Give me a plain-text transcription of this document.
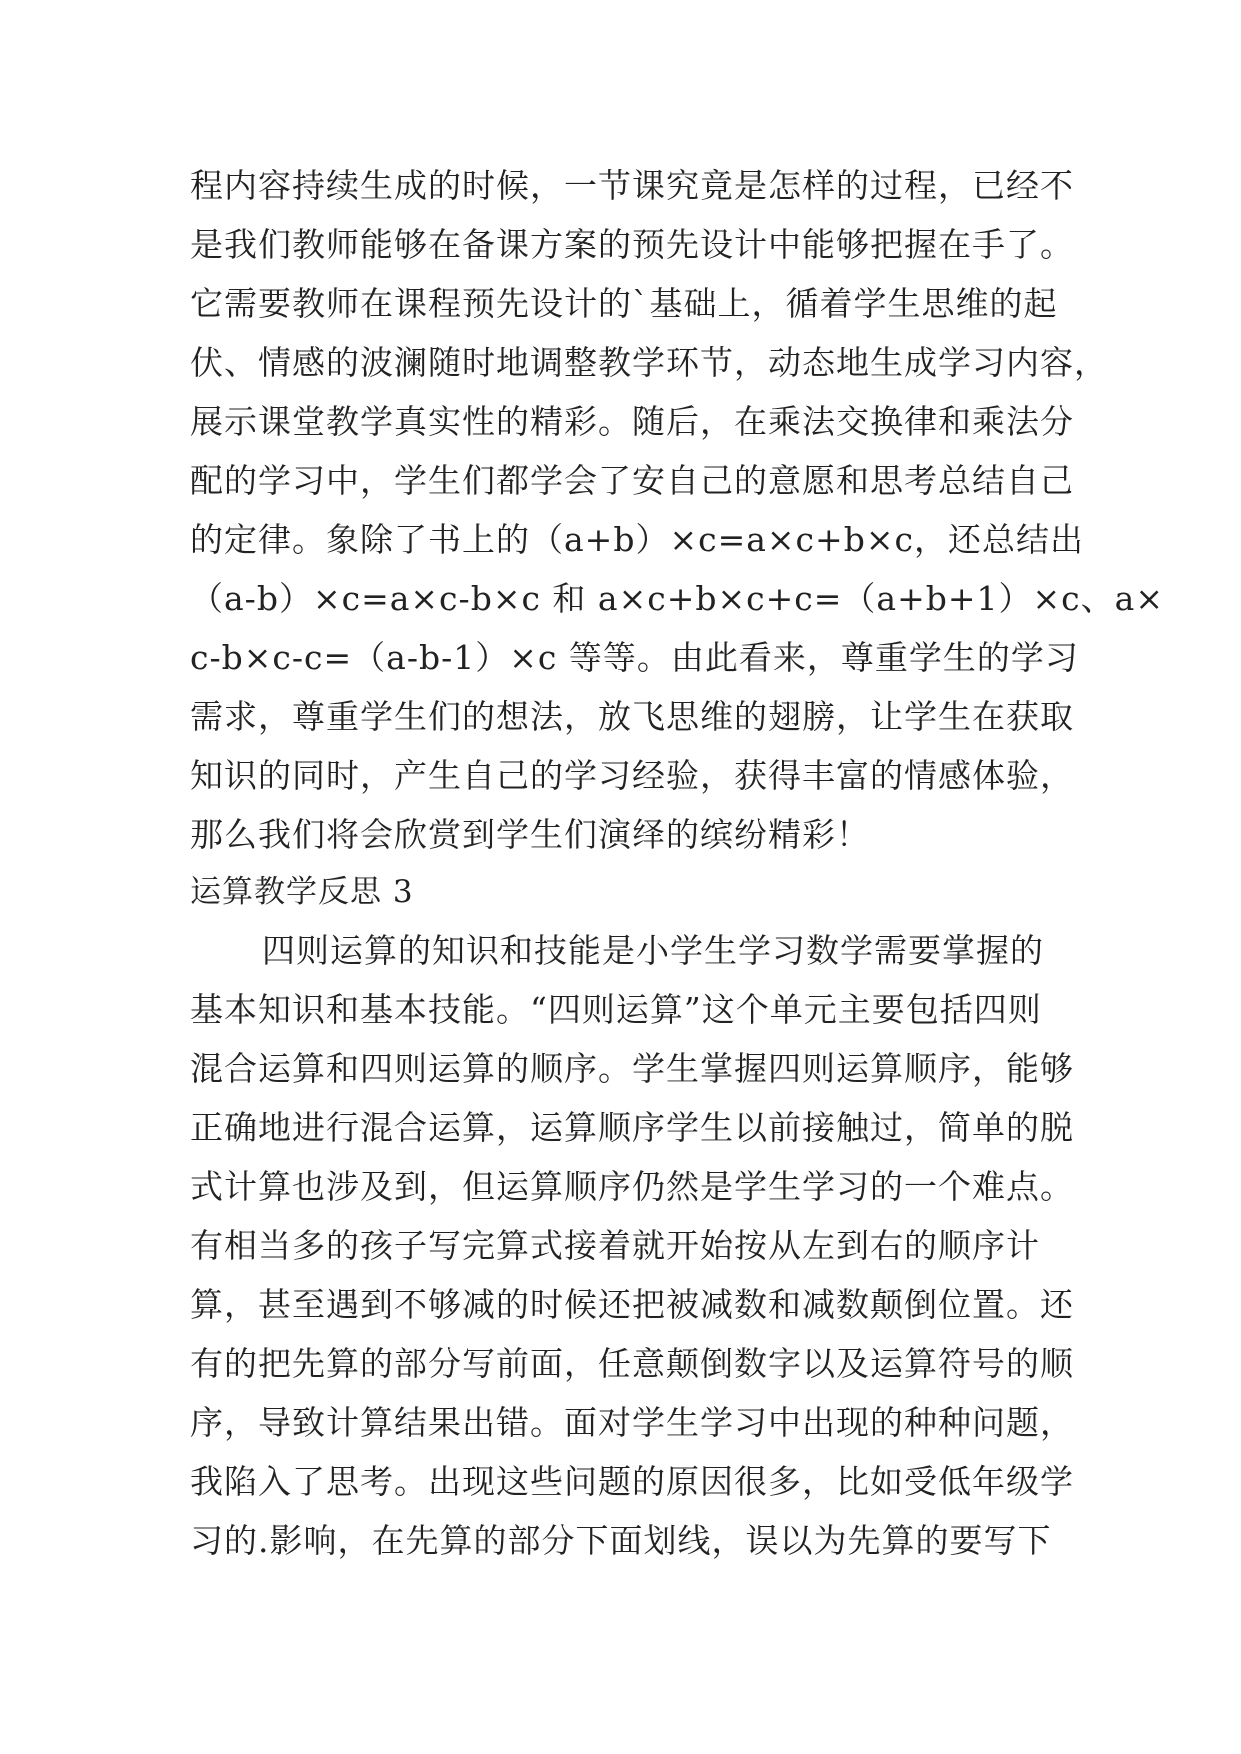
程内容持续生成的时候，一节课究竟是怎样的过程，已经不
是我们教师能够在备课方案的预先设计中能够把握在手了。
它需要教师在课程预先设计的`基础上，循着学生思维的起
伏、情感的波澜随时地调整教学环节，动态地生成学习内容，
展示课堂教学真实性的精彩。随后，在乘法交换律和乘法分
配的学习中，学生们都学会了安自己的意愿和思考总结自己
的定律。象除了书上的（a+b）×c=a×c+b×c，还总结出
（a-b）×c=a×c-b×c 和 a×c+b×c+c=（a+b+1）×c、a×
c-b×c-c=（a-b-1）×c 等等。由此看来，尊重学生的学习
需求，尊重学生们的想法，放飞思维的翅膀，让学生在获取
知识的同时，产生自己的学习经验，获得丰富的情感体验，
那么我们将会欣赏到学生们演绎的缤纷精彩！
运算教学反思 3
四则运算的知识和技能是小学生学习数学需要掌握的
基本知识和基本技能。“四则运算”这个单元主要包括四则
混合运算和四则运算的顺序。学生掌握四则运算顺序，能够
正确地进行混合运算，运算顺序学生以前接触过，简单的脱
式计算也涉及到，但运算顺序仍然是学生学习的一个难点。
有相当多的孩子写完算式接着就开始按从左到右的顺序计
算，甚至遇到不够减的时候还把被减数和减数颠倒位置。还
有的把先算的部分写前面，任意颠倒数字以及运算符号的顺
序，导致计算结果出错。面对学生学习中出现的种种问题，
我陷入了思考。出现这些问题的原因很多，比如受低年级学
习的.影响，在先算的部分下面划线，误以为先算的要写下
